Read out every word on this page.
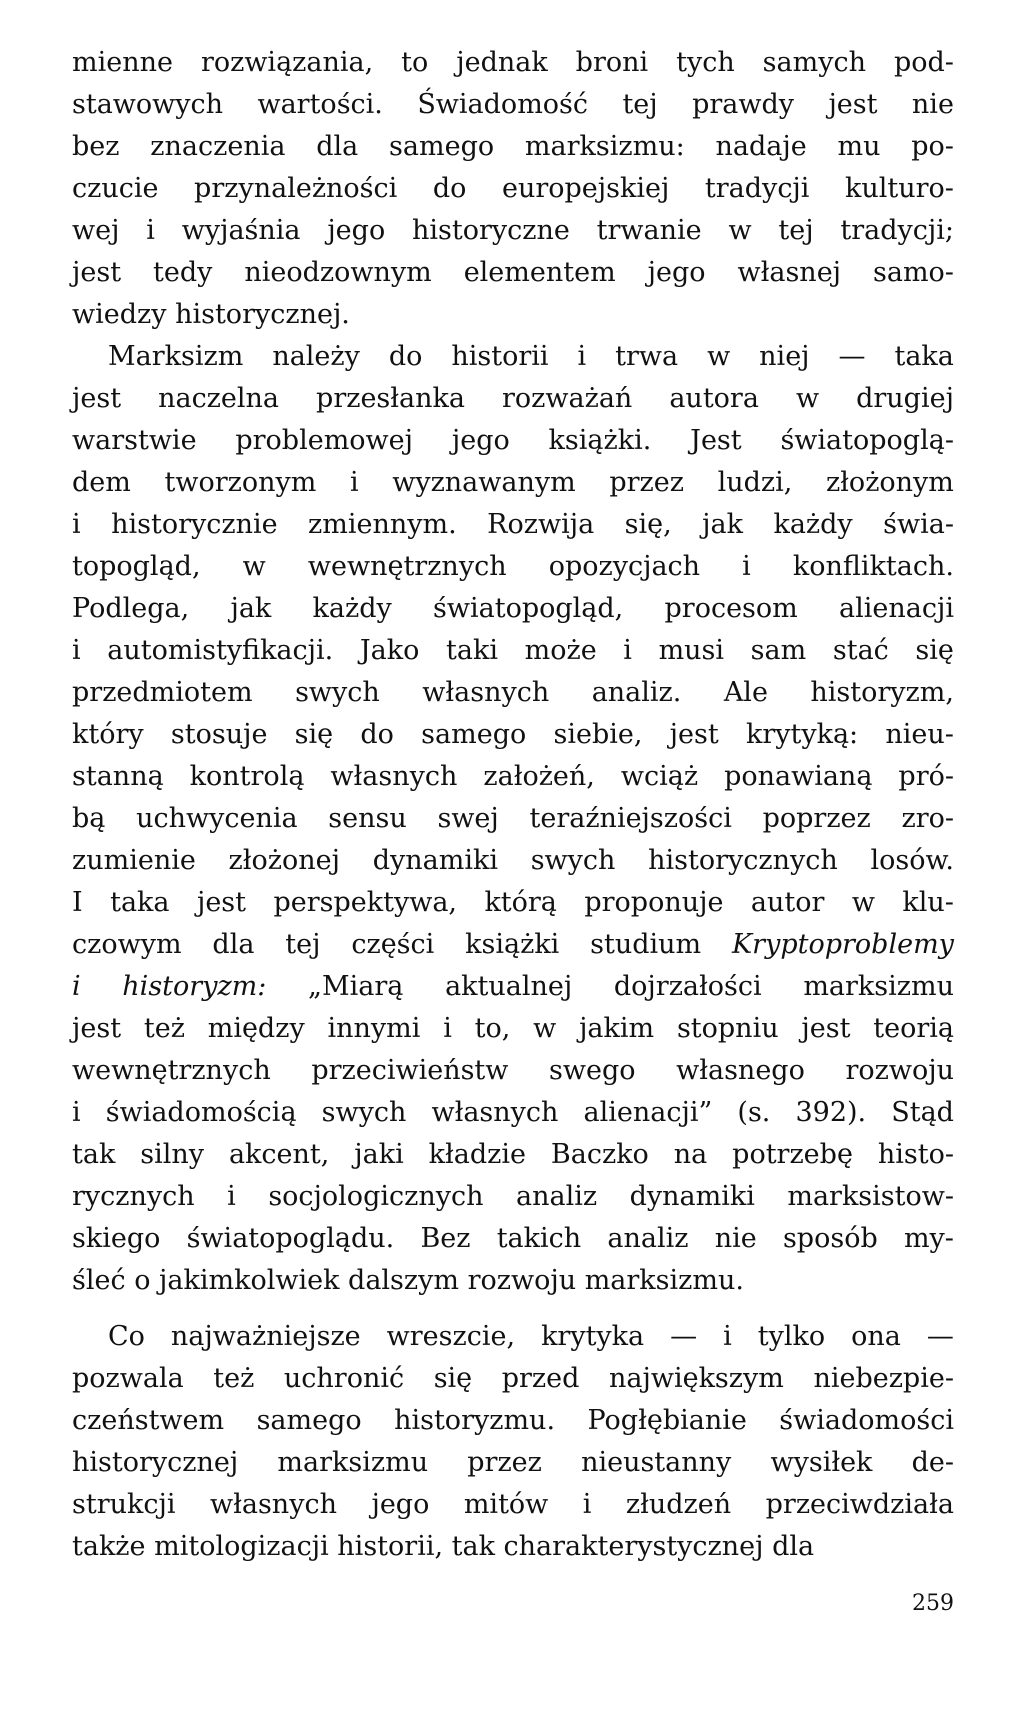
mienne rozwiązania, to jednak broni tych samych pod-
stawowych wartości. Świadomość tej prawdy jest nie
bez znaczenia dla samego marksizmu: nadaje mu po-
czucie przynależności do europejskiej tradycji kulturo-
wej i wyjaśnia jego historyczne trwanie w tej tradycji;
jest tedy nieodzownym elementem jego własnej samo-
wiedzy historycznej.
Marksizm należy do historii i trwa w niej — taka
jest naczelna przesłanka rozważań autora w drugiej
warstwie problemowej jego książki. Jest światopoglą-
dem tworzonym i wyznawanym przez ludzi, złożonym
i historycznie zmiennym. Rozwija się, jak każdy świa-
topogląd, w wewnętrznych opozycjach i konfliktach.
Podlega, jak każdy światopogląd, procesom alienacji
i automistyfikacji. Jako taki może i musi sam stać się
przedmiotem swych własnych analiz. Ale historyzm,
który stosuje się do samego siebie, jest krytyką: nieu-
stanną kontrolą własnych założeń, wciąż ponawianą pró-
bą uchwycenia sensu swej teraźniejszości poprzez zro-
zumienie złożonej dynamiki swych historycznych losów.
I taka jest perspektywa, którą proponuje autor w klu-
czowym dla tej części książki studium Kryptoproblemy
i historyzm: „Miarą aktualnej dojrzałości marksizmu
jest też między innymi i to, w jakim stopniu jest teorią
wewnętrznych przeciwieństw swego własnego rozwoju
i świadomością swych własnych alienacji” (s. 392). Stąd
tak silny akcent, jaki kładzie Baczko na potrzebę histo-
rycznych i socjologicznych analiz dynamiki marksistow-
skiego światopoglądu. Bez takich analiz nie sposób my-
śleć o jakimkolwiek dalszym rozwoju marksizmu.
Co najważniejsze wreszcie, krytyka — i tylko ona —
pozwala też uchronić się przed największym niebezpie-
czeństwem samego historyzmu. Pogłębianie świadomości
historycznej marksizmu przez nieustanny wysiłek de-
strukcji własnych jego mitów i złudzeń przeciwdziała
także mitologizacji historii, tak charakterystycznej dla
259
